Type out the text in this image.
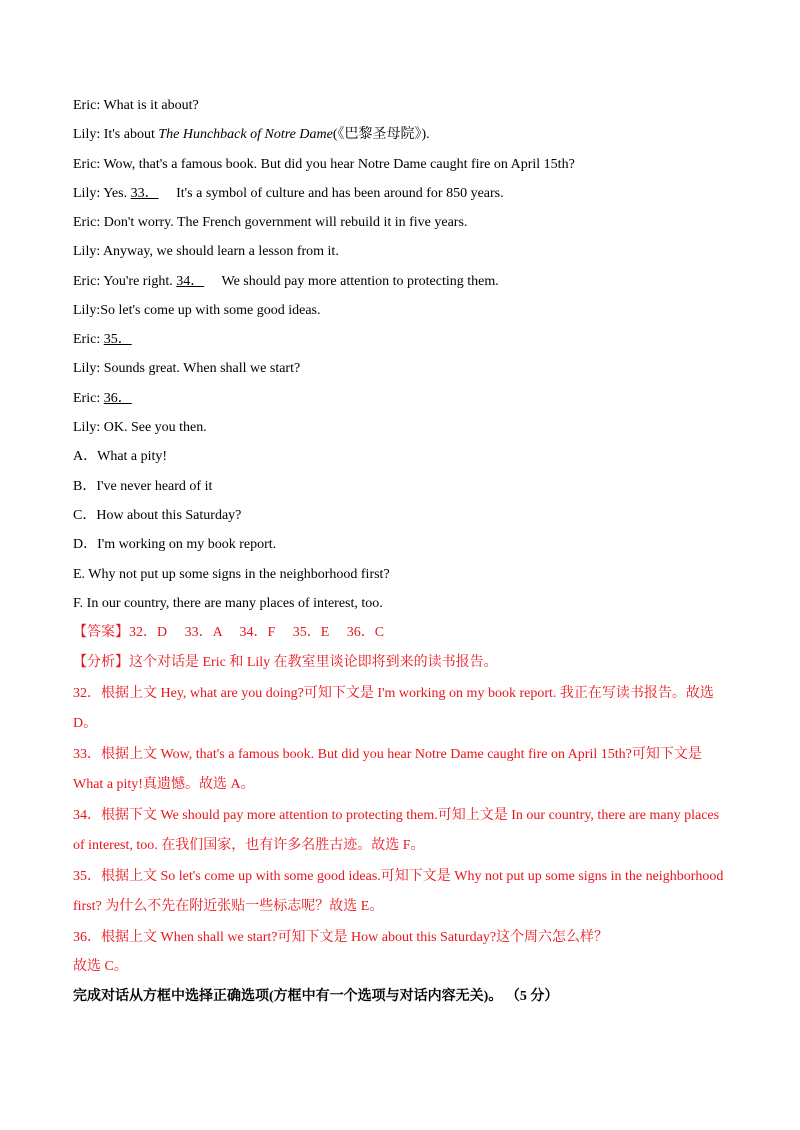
Eric: What is it about?
Lily: It's about The Hunchback of Notre Dame(《巴黎圣母院》).
Eric: Wow, that's a famous book. But did you hear Notre Dame caught fire on April 15th?
Lily: Yes. 33． It's a symbol of culture and has been around for 850 years.
Eric: Don't worry. The French government will rebuild it in five years.
Lily: Anyway, we should learn a lesson from it.
Eric: You're right. 34． We should pay more attention to protecting them.
Lily:So let's come up with some good ideas.
Eric: 35．
Lily: Sounds great. When shall we start?
Eric: 36．
Lily: OK. See you then.
A．What a pity!
B．I've never heard of it
C．How about this Saturday?
D．I'm working on my book report.
E. Why not put up some signs in the neighborhood first?
F. In our country, there are many places of interest, too.
【答案】32．D     33．A     34．F     35．E     36．C
【分析】这个对话是 Eric 和 Lily 在教室里谈论即将到来的读书报告。
32．根据上文 Hey, what are you doing?可知下文是 I'm working on my book report. 我正在写读书报告。故选
D。
33．根据上文 Wow, that's a famous book. But did you hear Notre Dame caught fire on April 15th?可知下文是
What a pity!真遗憾。故选 A。
34．根据下文 We should pay more attention to protecting them.可知上文是 In our country, there are many places
of interest, too. 在我们国家，也有许多名胜古迹。故选 F。
35．根据上文 So let's come up with some good ideas.可知下文是 Why not put up some signs in the neighborhood
first? 为什么不先在附近张贴一些标志呢？故选 E。
36．根据上文 When shall we start?可知下文是 How about this Saturday?这个周六怎么样？
故选 C。
完成对话从方框中选择正确选项(方框中有一个选项与对话内容无关)。 （5 分）
